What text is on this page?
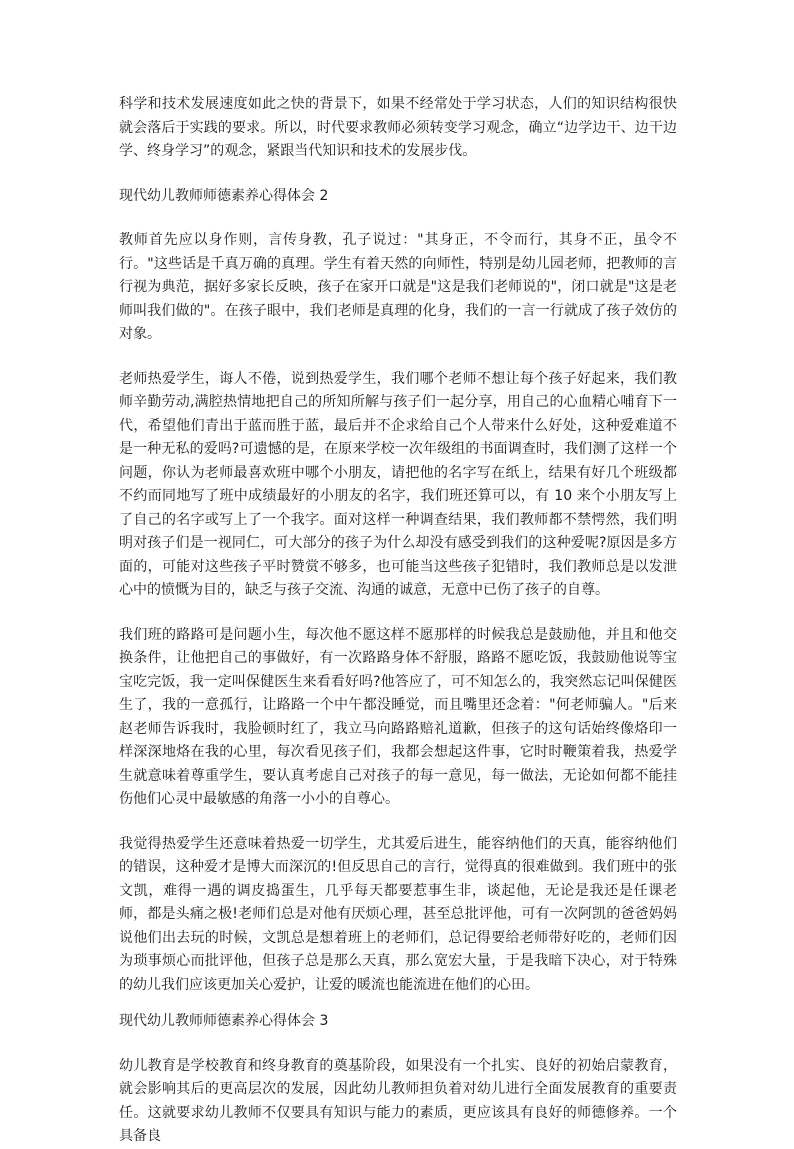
科学和技术发展速度如此之快的背景下，如果不经常处于学习状态，人们的知识结构很快就会落后于实践的要求。所以，时代要求教师必须转变学习观念，确立“边学边干、边干边学、终身学习”的观念，紧跟当代知识和技术的发展步伐。

现代幼儿教师师德素养心得体会 2

教师首先应以身作则，言传身教，孔子说过："其身正，不令而行，其身不正，虽令不行。"这些话是千真万确的真理。学生有着天然的向师性，特别是幼儿园老师，把教师的言行视为典范，据好多家长反映，孩子在家开口就是"这是我们老师说的"，闭口就是"这是老师叫我们做的"。在孩子眼中，我们老师是真理的化身，我们的一言一行就成了孩子效仿的对象。

老师热爱学生，诲人不倦，说到热爱学生，我们哪个老师不想让每个孩子好起来，我们教师辛勤劳动,满腔热情地把自己的所知所解与孩子们一起分享，用自己的心血精心哺育下一代，希望他们青出于蓝而胜于蓝，最后并不企求给自己个人带来什么好处，这种爱难道不是一种无私的爱吗?可遗憾的是，在原来学校一次年级组的书面调查时，我们测了这样一个问题，你认为老师最喜欢班中哪个小朋友，请把他的名字写在纸上，结果有好几个班级都不约而同地写了班中成绩最好的小朋友的名字，我们班还算可以，有 10 来个小朋友写上了自己的名字或写上了一个我字。面对这样一种调查结果，我们教师都不禁愕然，我们明明对孩子们是一视同仁，可大部分的孩子为什么却没有感受到我们的这种爱呢?原因是多方面的，可能对这些孩子平时赞赏不够多，也可能当这些孩子犯错时，我们教师总是以发泄心中的愤慨为目的，缺乏与孩子交流、沟通的诚意，无意中已伤了孩子的自尊。

我们班的路路可是问题小生，每次他不愿这样不愿那样的时候我总是鼓励他，并且和他交换条件，让他把自己的事做好，有一次路路身体不舒服，路路不愿吃饭，我鼓励他说等宝宝吃完饭，我一定叫保健医生来看看好吗?他答应了，可不知怎么的，我突然忘记叫保健医生了，我的一意孤行，让路路一个中午都没睡觉，而且嘴里还念着："何老师骗人。"后来赵老师告诉我时，我脸顿时红了，我立马向路路赔礼道歉，但孩子的这句话始终像烙印一样深深地烙在我的心里，每次看见孩子们，我都会想起这件事，它时时鞭策着我，热爱学生就意味着尊重学生，要认真考虑自己对孩子的每一意见，每一做法，无论如何都不能挂伤他们心灵中最敏感的角落一小小的自尊心。

我觉得热爱学生还意味着热爱一切学生，尤其爱后进生，能容纳他们的天真，能容纳他们的错误，这种爱才是博大而深沉的!但反思自己的言行，觉得真的很难做到。我们班中的张文凯，难得一遇的调皮捣蛋生，几乎每天都要惹事生非，谈起他，无论是我还是任课老师，都是头痛之极!老师们总是对他有厌烦心理，甚至总批评他，可有一次阿凯的爸爸妈妈说他们出去玩的时候，文凯总是想着班上的老师们，总记得要给老师带好吃的，老师们因为琐事烦心而批评他，但孩子总是那么天真，那么宽宏大量，于是我暗下决心，对于特殊的幼儿我们应该更加关心爱护，让爱的暖流也能流进在他们的心田。

现代幼儿教师师德素养心得体会 3

幼儿教育是学校教育和终身教育的奠基阶段，如果没有一个扎实、良好的初始启蒙教育，就会影响其后的更高层次的发展，因此幼儿教师担负着对幼儿进行全面发展教育的重要责任。这就要求幼儿教师不仅要具有知识与能力的素质，更应该具有良好的师德修养。一个具备良
